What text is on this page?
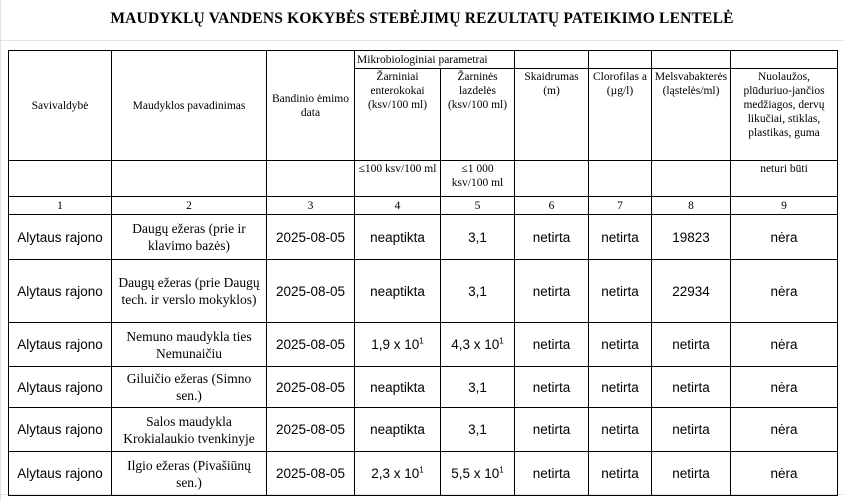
MAUDYKLŲ VANDENS KOKYBĖS STEBĖJIMŲ REZULTATŲ PATEIKIMO LENTELĖ
Savivaldybė	Maudyklos pavadinimas	Bandinio ėmimo data	Mikrobiologiniai parametrai					
			Žarniniai enterokokai (ksv/100 ml)	Žarninės lazdelės (ksv/100 ml)	Skaidrumas (m)	Clorofilas a (µg/l)	Melsvabakterės (ląstelės/ml)	Nuolaužos, plūduriuo-jančios medžiagos, dervų likučiai, stiklas, plastikas, guma
			≤100 ksv/100 ml	≤1 000 ksv/100 ml				neturi būti
1	2	3	4	5	6	7	8	9
Alytaus rajono	Daugų ežeras (prie ir klavimo bazės)	2025-08-05	neaptikta	3,1	netirta	netirta	19823	nėra
Alytaus rajono	Daugų ežeras (prie Daugų tech. ir verslo mokyklos)	2025-08-05	neaptikta	3,1	netirta	netirta	22934	nėra
Alytaus rajono	Nemuno maudykla ties Nemunaičiu	2025-08-05	1,9 x $10^1$	4,3 x $10^1$	netirta	netirta	netirta	nėra
Alytaus rajono	Giluičio ežeras (Simno sen.)	2025-08-05	neaptikta	3,1	netirta	netirta	netirta	nėra
Alytaus rajono	Salos maudykla Krokialaukio tvenkinyje	2025-08-05	neaptikta	3,1	netirta	netirta	netirta	nėra
Alytaus rajono	Ilgio ežeras (Pivašiūnų sen.)	2025-08-05	2,3 x $10^1$	5,5 x $10^1$	netirta	netirta	netirta	nėra
